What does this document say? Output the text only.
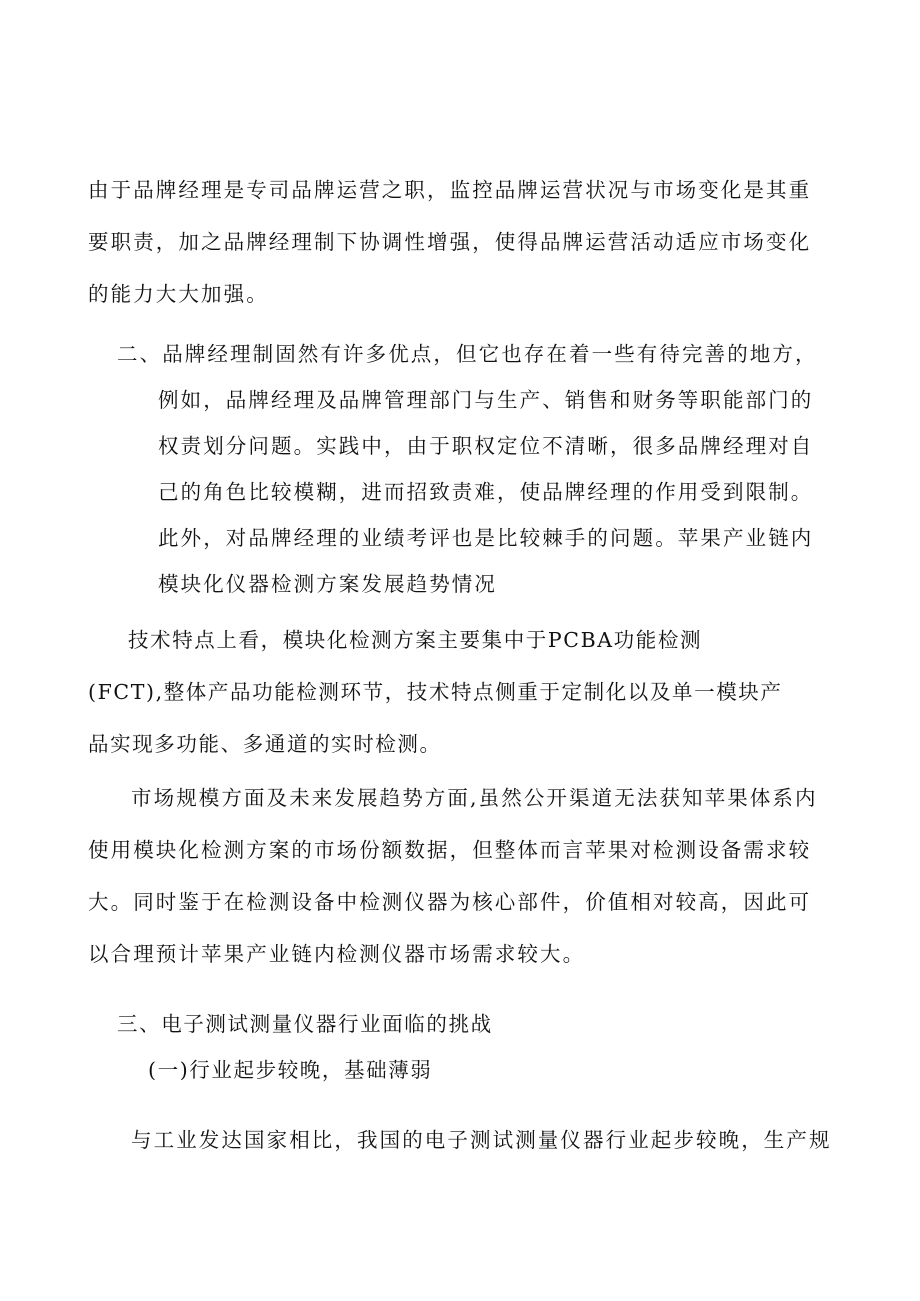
由于品牌经理是专司品牌运营之职，监控品牌运营状况与市场变化是其重
要职责，加之品牌经理制下协调性增强，使得品牌运营活动适应市场变化
的能力大大加强。
二、品牌经理制固然有许多优点，但它也存在着一些有待完善的地方，
例如，品牌经理及品牌管理部门与生产、销售和财务等职能部门的
权责划分问题。实践中，由于职权定位不清晰，很多品牌经理对自
己的角色比较模糊，进而招致责难，使品牌经理的作用受到限制。
此外，对品牌经理的业绩考评也是比较棘手的问题。苹果产业链内
模块化仪器检测方案发展趋势情况
技术特点上看，模块化检测方案主要集中于PCBA功能检测
(FCT),整体产品功能检测环节，技术特点侧重于定制化以及单一模块产
品实现多功能、多通道的实时检测。
市场规模方面及未来发展趋势方面,虽然公开渠道无法获知苹果体系内
使用模块化检测方案的市场份额数据，但整体而言苹果对检测设备需求较
大。同时鉴于在检测设备中检测仪器为核心部件，价值相对较高，因此可
以合理预计苹果产业链内检测仪器市场需求较大。
三、电子测试测量仪器行业面临的挑战
(一)行业起步较晚，基础薄弱
与工业发达国家相比，我国的电子测试测量仪器行业起步较晚，生产规
